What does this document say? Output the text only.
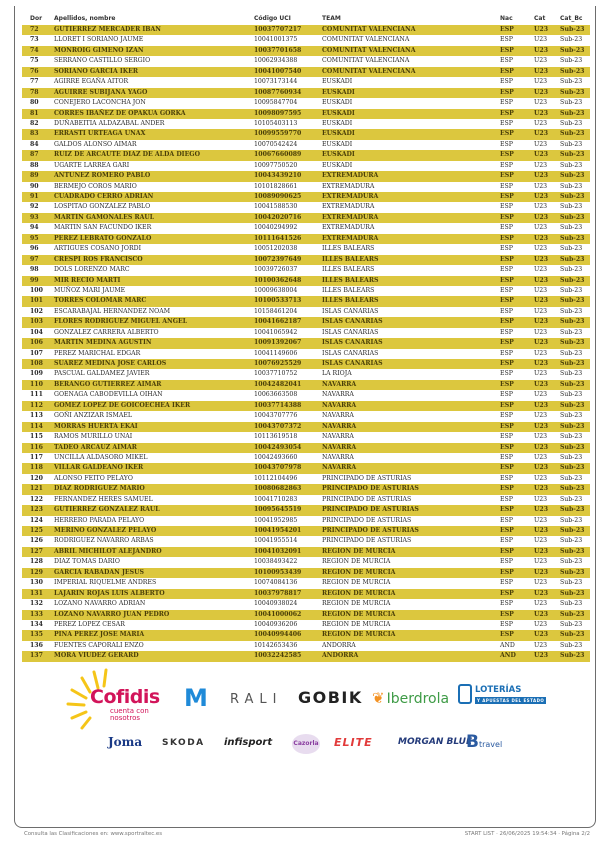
Dor	Apellidos, nombre	Código UCI	TEAM	Nac	Cat	Cat_Bc
72	GUTIERREZ MERCADER IBAN	10037707217	COMUNITAT VALENCIANA	ESP	U23	Sub-23
73	LLORET I SORIANO JAUME	10041001375	COMUNITAT VALENCIANA	ESP	U23	Sub-23
74	MONROIG GIMENO IZAN	10037701658	COMUNITAT VALENCIANA	ESP	U23	Sub-23
75	SERRANO CASTILLO SERGIO	10062934388	COMUNITAT VALENCIANA	ESP	U23	Sub-23
76	SORIANO GARCIA IKER	10041007540	COMUNITAT VALENCIANA	ESP	U23	Sub-23
77	AGIRRE EGAÑA AITOR	10073173144	EUSKADI	ESP	U23	Sub-23
78	AGUIRRE SUBIJANA YAGO	10087760934	EUSKADI	ESP	U23	Sub-23
80	CONEJERO LACONCHA JON	10095847704	EUSKADI	ESP	U23	Sub-23
81	CORRES IBAÑEZ DE OPAKUA GORKA	10098097595	EUSKADI	ESP	U23	Sub-23
82	DUÑABEITIA ALDAZABAL ANDER	10105403113	EUSKADI	ESP	U23	Sub-23
83	ERRASTI URTEAGA UNAX	10099559770	EUSKADI	ESP	U23	Sub-23
84	GALDOS ALONSO AIMAR	10070542424	EUSKADI	ESP	U23	Sub-23
87	RUIZ DE ARCAUTE DIAZ DE ALDA DIEGO	10067660089	EUSKADI	ESP	U23	Sub-23
88	UGARTE LARREA GARI	10097750520	EUSKADI	ESP	U23	Sub-23
89	ANTUNEZ ROMERO PABLO	10043439210	EXTREMADURA	ESP	U23	Sub-23
90	BERMEJO COROS MARIO	10101828661	EXTREMADURA	ESP	U23	Sub-23
91	CUADRADO CERRO ADRIAN	10089090625	EXTREMADURA	ESP	U23	Sub-23
92	LOSPITAO GONZALEZ PABLO	10041588530	EXTREMADURA	ESP	U23	Sub-23
93	MARTIN GAMONALES RAUL	10042020716	EXTREMADURA	ESP	U23	Sub-23
94	MARTIN SAN FACUNDO IKER	10040294992	EXTREMADURA	ESP	U23	Sub-23
95	PEREZ LEBRATO GONZALO	10111641526	EXTREMADURA	ESP	U23	Sub-23
96	ARTIGUES COSANO JORDI	10051202038	ILLES BALEARS	ESP	U23	Sub-23
97	CRESPI ROS FRANCISCO	10072397649	ILLES BALEARS	ESP	U23	Sub-23
98	DOLS LORENZO MARC	10039726037	ILLES BALEARS	ESP	U23	Sub-23
99	MIR RECIO MARTI	10100362648	ILLES BALEARS	ESP	U23	Sub-23
100	MUÑOZ MARI JAUME	10009638004	ILLES BALEARS	ESP	U23	Sub-23
101	TORRES COLOMAR MARC	10100533713	ILLES BALEARS	ESP	U23	Sub-23
102	ESCARABAJAL HERNANDEZ NOAM	10158461204	ISLAS CANARIAS	ESP	U23	Sub-23
103	FLORES RODRIGUEZ MIGUEL ANGEL	10041662187	ISLAS CANARIAS	ESP	U23	Sub-23
104	GONZALEZ CARRERA ALBERTO	10041065942	ISLAS CANARIAS	ESP	U23	Sub-23
106	MARTIN MEDINA AGUSTIN	10091392067	ISLAS CANARIAS	ESP	U23	Sub-23
107	PEREZ MARICHAL EDGAR	10041149606	ISLAS CANARIAS	ESP	U23	Sub-23
108	SUAREZ MEDINA JOSE CARLOS	10076925529	ISLAS CANARIAS	ESP	U23	Sub-23
109	PASCUAL GALDAMEZ JAVIER	10037710752	LA RIOJA	ESP	U23	Sub-23
110	BERANGO GUTIERREZ AIMAR	10042482041	NAVARRA	ESP	U23	Sub-23
111	GOENAGA CABODEVILLA OIHAN	10063663508	NAVARRA	ESP	U23	Sub-23
112	GOMEZ LOPEZ DE GOICOECHEA IKER	10037714388	NAVARRA	ESP	U23	Sub-23
113	GOÑI ANZIZAR ISMAEL	10043707776	NAVARRA	ESP	U23	Sub-23
114	MORRAS HUERTA EKAI	10043707372	NAVARRA	ESP	U23	Sub-23
115	RAMOS MURILLO UNAI	10113619518	NAVARRA	ESP	U23	Sub-23
116	TADEO ARCAUZ AIMAR	10042493054	NAVARRA	ESP	U23	Sub-23
117	UNCILLA ALDASORO MIKEL	10042493660	NAVARRA	ESP	U23	Sub-23
118	VILLAR GALDEANO IKER	10043707978	NAVARRA	ESP	U23	Sub-23
120	ALONSO FEITO PELAYO	10112104496	PRINCIPADO DE ASTURIAS	ESP	U23	Sub-23
121	DIAZ RODRIGUEZ MARIO	10080682863	PRINCIPADO DE ASTURIAS	ESP	U23	Sub-23
122	FERNANDEZ HERES SAMUEL	10041710283	PRINCIPADO DE ASTURIAS	ESP	U23	Sub-23
123	GUTIERREZ GONZALEZ RAUL	10095645519	PRINCIPADO DE ASTURIAS	ESP	U23	Sub-23
124	HERRERO PARADA PELAYO	10041952985	PRINCIPADO DE ASTURIAS	ESP	U23	Sub-23
125	MERINO GONZALEZ PELAYO	10041954201	PRINCIPADO DE ASTURIAS	ESP	U23	Sub-23
126	RODRIGUEZ NAVARRO ARBAS	10041955514	PRINCIPADO DE ASTURIAS	ESP	U23	Sub-23
127	ABRIL MICHILOT ALEJANDRO	10041032091	REGION DE MURCIA	ESP	U23	Sub-23
128	DIAZ TOMAS DARIO	10038493422	REGION DE MURCIA	ESP	U23	Sub-23
129	GARCIA RABADAN JESUS	10100953439	REGION DE MURCIA	ESP	U23	Sub-23
130	IMPERIAL RIQUELME ANDRES	10074084136	REGION DE MURCIA	ESP	U23	Sub-23
131	LAJARIN ROJAS LUIS ALBERTO	10037978817	REGION DE MURCIA	ESP	U23	Sub-23
132	LOZANO NAVARRO ADRIAN	10040938024	REGION DE MURCIA	ESP	U23	Sub-23
133	LOZANO NAVARRO JUAN PEDRO	10041000062	REGION DE MURCIA	ESP	U23	Sub-23
134	PEREZ LOPEZ CESAR	10040936206	REGION DE MURCIA	ESP	U23	Sub-23
135	PINA PEREZ JOSE MARIA	10040994406	REGION DE MURCIA	ESP	U23	Sub-23
136	FUENTES CAPORALI ENZO	10142653436	ANDORRA	AND	U23	Sub-23
137	MORA VIUDEZ GERARD	10032242585	ANDORRA	AND	U23	Sub-23
Cofidis
cuenta con nosotros
M RALI GOBIK ❦ Iberdrola
LOTERÍAS
Y APUESTAS DEL ESTADO
Joma SKODA infisport	Cazorla ELITE	MORGAN BLUE
Btravel
Consulta las Clasificaciones en: www.sportraltec.es	START LIST · 26/06/2025 19:54:34 · Página 2/2
